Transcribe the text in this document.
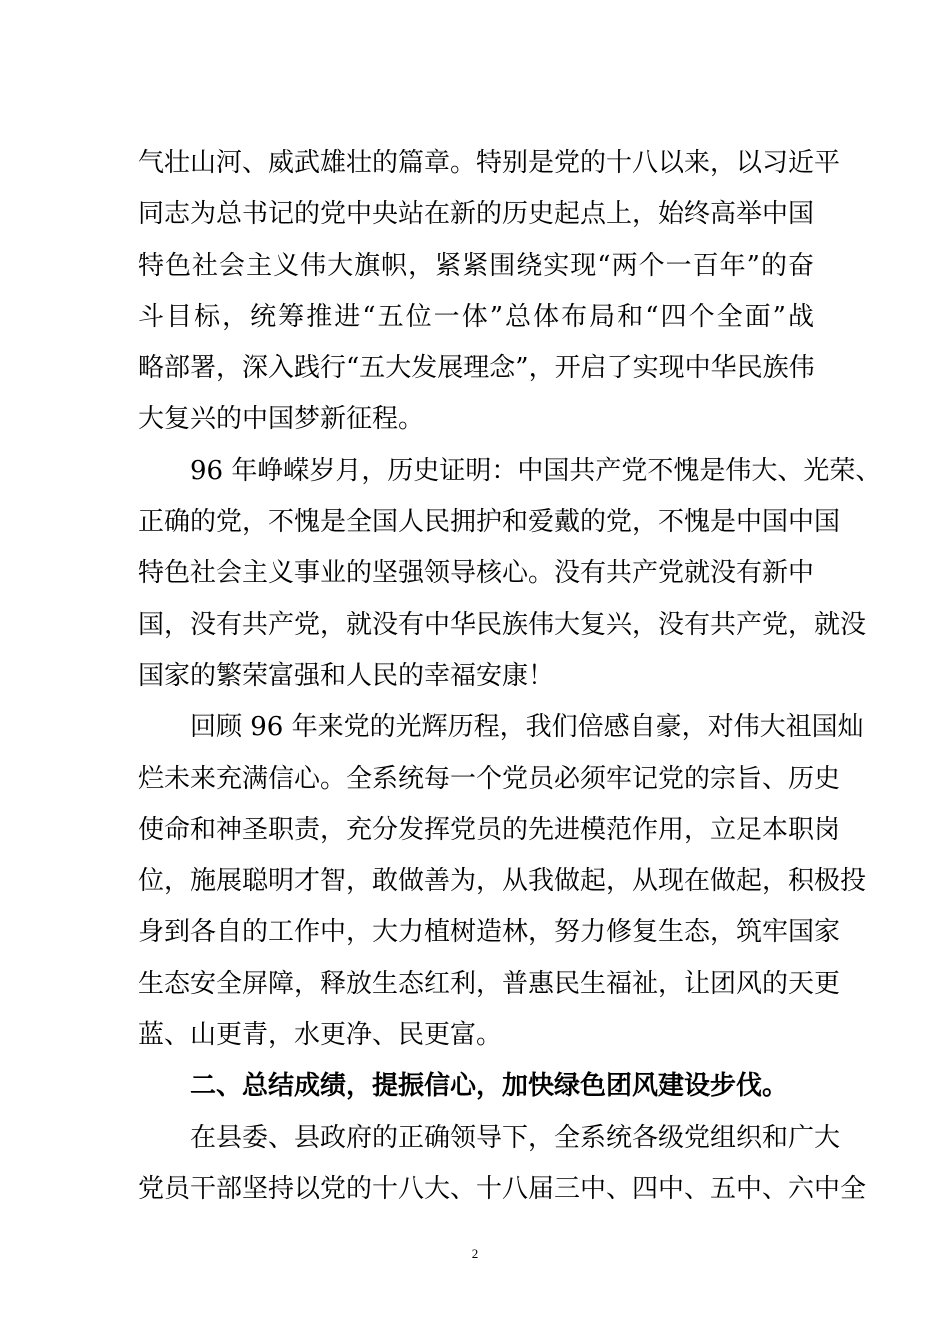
气壮山河、威武雄壮的篇章。特别是党的十八以来，以习近平
同志为总书记的党中央站在新的历史起点上，始终高举中国
特色社会主义伟大旗帜，紧紧围绕实现“两个一百年”的奋
斗目标，统筹推进“五位一体”总体布局和“四个全面”战
略部署，深入践行“五大发展理念”，开启了实现中华民族伟
大复兴的中国梦新征程。
96 年峥嵘岁月，历史证明：中国共产党不愧是伟大、光荣、
正确的党，不愧是全国人民拥护和爱戴的党，不愧是中国中国
特色社会主义事业的坚强领导核心。没有共产党就没有新中
国，没有共产党，就没有中华民族伟大复兴，没有共产党，就没
国家的繁荣富强和人民的幸福安康！
回顾 96 年来党的光辉历程，我们倍感自豪，对伟大祖国灿
烂未来充满信心。全系统每一个党员必须牢记党的宗旨、历史
使命和神圣职责，充分发挥党员的先进模范作用，立足本职岗
位，施展聪明才智，敢做善为，从我做起，从现在做起，积极投
身到各自的工作中，大力植树造林，努力修复生态，筑牢国家
生态安全屏障，释放生态红利，普惠民生福祉，让团风的天更
蓝、山更青，水更净、民更富。
二、总结成绩，提振信心，加快绿色团风建设步伐。
在县委、县政府的正确领导下，全系统各级党组织和广大
党员干部坚持以党的十八大、十八届三中、四中、五中、六中全
2
